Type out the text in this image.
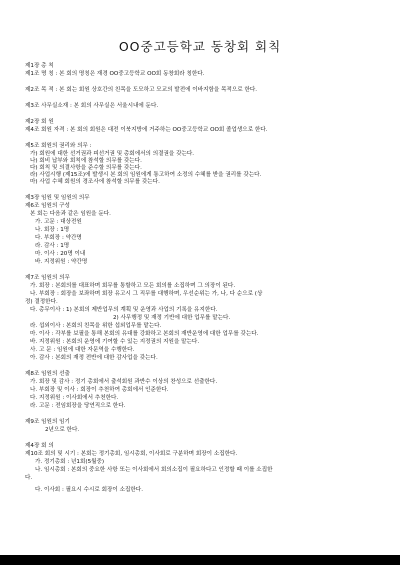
OO중고등학교 동창회 회칙
제1장 총 칙
제1조 명 칭 : 본 회의 명칭은 재경 OO중고등학교 OO회 동창회라 칭한다.
제2조 목 적 : 본 회는 회원 상호간의 친목을 도모하고 모교의 발전에 이바지함을 목적으로 한다.
제3조 사무실소재 : 본 회의 사무실은 서울시내에 둔다.
제2장 회 원
제4조 회원 자격 : 본 회의 회원은 대전 이북지방에 거주하는 OO중고등학교 OO회 졸업생으로 한다.
제5조 회원의 권리와 의무 :
가) 회원에 대한 선거권과 피선거권 및 총회에서의 의결권을 갖는다.
나) 회비 납부와 회칙에 참석할 의무를 갖는다.
다) 회칙 및 의결사항을 준수할 의무를 갖는다.
라) 사업시행 (제15조)에 발생시 본 회의 임원에게 통고하여 소정의 수혜를 받을 권리를 갖는다.
마) 사업 수혜 회원의 경조사에 참석할 의무를 갖는다.
제3장 임원 및 임원의 의무
제6조 임원의 구성
본 회는 다음과 같은 임원을 둔다.
가. 고문 : 대상전원
나. 회장 : 1명
다. 부회장 : 약간명
라. 감사 : 1명
마. 이사 : 20명 이내
바. 지정위원 : 약간명
제7조 임원의 의무
가. 회장 : 본회의를 대표하며 회무를 통할하고 모든 회의를 소집하며 그 의장이 된다.
나. 부회장 : 회장을 보좌하며 회장 유고시 그 직무를 대행하며, 우선순위는 가, 나, 다 순으로 (상
정) 결정한다.
다. 총무이사 : 1) 본회의 제반업무의 계획 및 운영과 사업의 기록을 유지한다.
2) 사무행정 및 재정 기반에 대한 업무를 맡는다.
라. 섭외이사 : 본회의 친목을 위한 섭외업무를 맡는다.
마. 이사 : 각부를 보필을 통해 본회의 유대를 강화하고 본회의 재반운영에 대한 업무를 갖는다.
바. 지정위원 : 본회의 운영에 기여할 수 있는 지정권의 지원을 맡는다.
사. 고 문 : 임원에 대한 자문역을 수행한다.
아. 감사 : 본회의 재정 전반에 대한 감사업을 갖는다.
제8조 임원의 선출
가. 회장 및 감사 : 정기 총회에서 출석회원 과반수 이상의 찬성으로 선출한다.
나. 부회장 및 이사 : 회장이 추천하여 총회에서 인준한다.
다. 지정위원 : 이사회에서 추천한다.
라. 고문 : 전임회장을 당연직으로 한다.
제9조 임원의 임기
2년으로 한다.
제4장 회 의
제10조 회의 및 시기 : 본회는 정기총회, 임시총회, 이사회로 구분하며 회장이 소집한다.
가. 정기총회 : 년1회(5월중)
나. 임시총회 : 본회의 중요한 사항 또는 이사회에서 회의소집이 필요하다고 인정할 때 이를 소집한
다.
다. 이사회 : 필요시 수시로 회장이 소집한다.
